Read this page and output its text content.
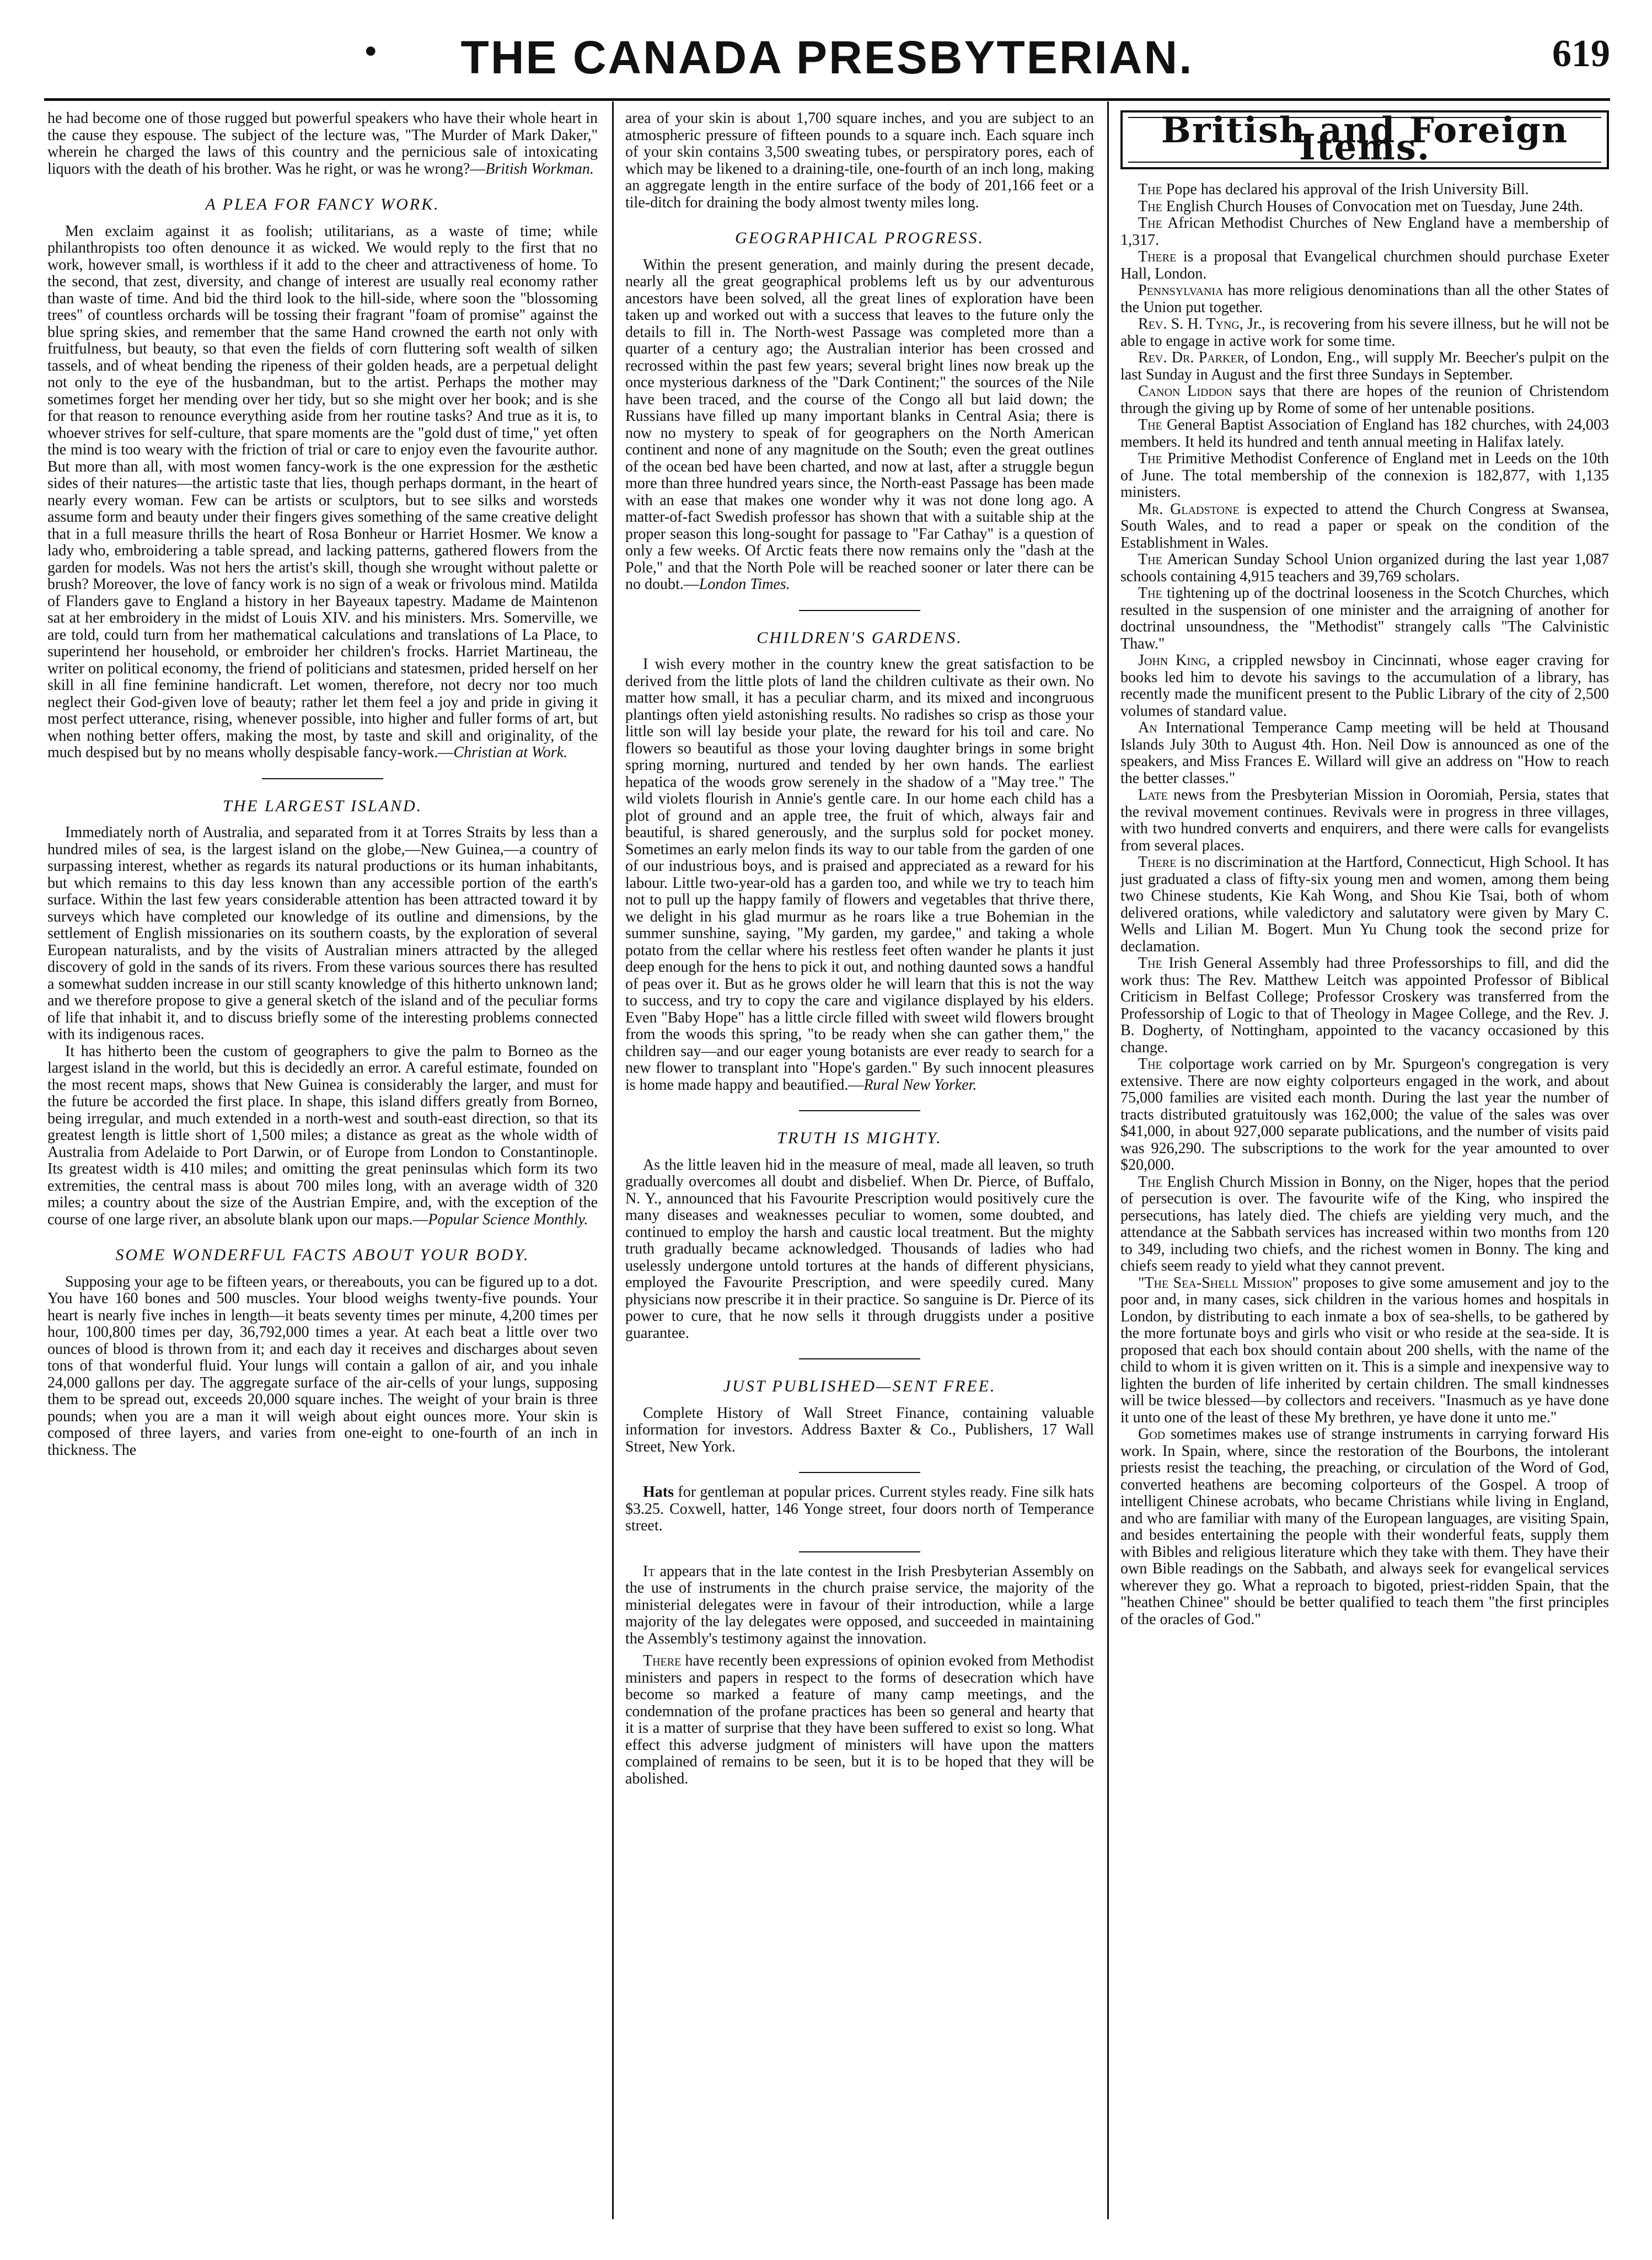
•	THE CANADA PRESBYTERIAN.	619

he had become one of those rugged but powerful speakers who have their whole heart in the cause they espouse. The subject of the lecture was, "The Murder of Mark Daker," wherein he charged the laws of this country and the pernicious sale of intoxicating liquors with the death of his brother. Was he right, or was he wrong?—British Workman.

A PLEA FOR FANCY WORK.

Men exclaim against it as foolish; utilitarians, as a waste of time; while philanthropists too often denounce it as wicked. We would reply to the first that no work, however small, is worthless if it add to the cheer and attractiveness of home. To the second, that zest, diversity, and change of interest are usually real economy rather than waste of time. And bid the third look to the hill-side, where soon the "blossoming trees" of countless orchards will be tossing their fragrant "foam of promise" against the blue spring skies, and remember that the same Hand crowned the earth not only with fruitfulness, but beauty, so that even the fields of corn fluttering soft wealth of silken tassels, and of wheat bending the ripeness of their golden heads, are a perpetual delight not only to the eye of the husbandman, but to the artist. Perhaps the mother may sometimes forget her mending over her tidy, but so she might over her book; and is she for that reason to renounce everything aside from her routine tasks? And true as it is, to whoever strives for self-culture, that spare moments are the "gold dust of time," yet often the mind is too weary with the friction of trial or care to enjoy even the favourite author. But more than all, with most women fancy-work is the one expression for the æsthetic sides of their natures—the artistic taste that lies, though perhaps dormant, in the heart of nearly every woman. Few can be artists or sculptors, but to see silks and worsteds assume form and beauty under their fingers gives something of the same creative delight that in a full measure thrills the heart of Rosa Bonheur or Harriet Hosmer. We know a lady who, embroidering a table spread, and lacking patterns, gathered flowers from the garden for models. Was not hers the artist's skill, though she wrought without palette or brush? Moreover, the love of fancy work is no sign of a weak or frivolous mind. Matilda of Flanders gave to England a history in her Bayeaux tapestry. Madame de Maintenon sat at her embroidery in the midst of Louis XIV. and his ministers. Mrs. Somerville, we are told, could turn from her mathematical calculations and translations of La Place, to superintend her household, or embroider her children's frocks. Harriet Martineau, the writer on political economy, the friend of politicians and statesmen, prided herself on her skill in all fine feminine handicraft. Let women, therefore, not decry nor too much neglect their God-given love of beauty; rather let them feel a joy and pride in giving it most perfect utterance, rising, whenever possible, into higher and fuller forms of art, but when nothing better offers, making the most, by taste and skill and originality, of the much despised but by no means wholly despisable fancy-work.—Christian at Work.

THE LARGEST ISLAND.

Immediately north of Australia, and separated from it at Torres Straits by less than a hundred miles of sea, is the largest island on the globe,—New Guinea,—a country of surpassing interest, whether as regards its natural productions or its human inhabitants, but which remains to this day less known than any accessible portion of the earth's surface. Within the last few years considerable attention has been attracted toward it by surveys which have completed our knowledge of its outline and dimensions, by the settlement of English missionaries on its southern coasts, by the exploration of several European naturalists, and by the visits of Australian miners attracted by the alleged discovery of gold in the sands of its rivers. From these various sources there has resulted a somewhat sudden increase in our still scanty knowledge of this hitherto unknown land; and we therefore propose to give a general sketch of the island and of the peculiar forms of life that inhabit it, and to discuss briefly some of the interesting problems connected with its indigenous races.

It has hitherto been the custom of geographers to give the palm to Borneo as the largest island in the world, but this is decidedly an error. A careful estimate, founded on the most recent maps, shows that New Guinea is considerably the larger, and must for the future be accorded the first place. In shape, this island differs greatly from Borneo, being irregular, and much extended in a north-west and south-east direction, so that its greatest length is little short of 1,500 miles; a distance as great as the whole width of Australia from Adelaide to Port Darwin, or of Europe from London to Constantinople. Its greatest width is 410 miles; and omitting the great peninsulas which form its two extremities, the central mass is about 700 miles long, with an average width of 320 miles; a country about the size of the Austrian Empire, and, with the exception of the course of one large river, an absolute blank upon our maps.—Popular Science Monthly.

SOME WONDERFUL FACTS ABOUT YOUR BODY.

Supposing your age to be fifteen years, or thereabouts, you can be figured up to a dot. You have 160 bones and 500 muscles. Your blood weighs twenty-five pounds. Your heart is nearly five inches in length—it beats seventy times per minute, 4,200 times per hour, 100,800 times per day, 36,792,000 times a year. At each beat a little over two ounces of blood is thrown from it; and each day it receives and discharges about seven tons of that wonderful fluid. Your lungs will contain a gallon of air, and you inhale 24,000 gallons per day. The aggregate surface of the air-cells of your lungs, supposing them to be spread out, exceeds 20,000 square inches. The weight of your brain is three pounds; when you are a man it will weigh about eight ounces more. Your skin is composed of three layers, and varies from one-eight to one-fourth of an inch in thickness. The

area of your skin is about 1,700 square inches, and you are subject to an atmospheric pressure of fifteen pounds to a square inch. Each square inch of your skin contains 3,500 sweating tubes, or perspiratory pores, each of which may be likened to a draining-tile, one-fourth of an inch long, making an aggregate length in the entire surface of the body of 201,166 feet or a tile-ditch for draining the body almost twenty miles long.

GEOGRAPHICAL PROGRESS.

Within the present generation, and mainly during the present decade, nearly all the great geographical problems left us by our adventurous ancestors have been solved, all the great lines of exploration have been taken up and worked out with a success that leaves to the future only the details to fill in. The North-west Passage was completed more than a quarter of a century ago; the Australian interior has been crossed and recrossed within the past few years; several bright lines now break up the once mysterious darkness of the "Dark Continent;" the sources of the Nile have been traced, and the course of the Congo all but laid down; the Russians have filled up many important blanks in Central Asia; there is now no mystery to speak of for geographers on the North American continent and none of any magnitude on the South; even the great outlines of the ocean bed have been charted, and now at last, after a struggle begun more than three hundred years since, the North-east Passage has been made with an ease that makes one wonder why it was not done long ago. A matter-of-fact Swedish professor has shown that with a suitable ship at the proper season this long-sought for passage to "Far Cathay" is a question of only a few weeks. Of Arctic feats there now remains only the "dash at the Pole," and that the North Pole will be reached sooner or later there can be no doubt.—London Times.

CHILDREN'S GARDENS.

I wish every mother in the country knew the great satisfaction to be derived from the little plots of land the children cultivate as their own. No matter how small, it has a peculiar charm, and its mixed and incongruous plantings often yield astonishing results. No radishes so crisp as those your little son will lay beside your plate, the reward for his toil and care. No flowers so beautiful as those your loving daughter brings in some bright spring morning, nurtured and tended by her own hands. The earliest hepatica of the woods grow serenely in the shadow of a "May tree." The wild violets flourish in Annie's gentle care. In our home each child has a plot of ground and an apple tree, the fruit of which, always fair and beautiful, is shared generously, and the surplus sold for pocket money. Sometimes an early melon finds its way to our table from the garden of one of our industrious boys, and is praised and appreciated as a reward for his labour. Little two-year-old has a garden too, and while we try to teach him not to pull up the happy family of flowers and vegetables that thrive there, we delight in his glad murmur as he roars like a true Bohemian in the summer sunshine, saying, "My garden, my gardee," and taking a whole potato from the cellar where his restless feet often wander he plants it just deep enough for the hens to pick it out, and nothing daunted sows a handful of peas over it. But as he grows older he will learn that this is not the way to success, and try to copy the care and vigilance displayed by his elders. Even "Baby Hope" has a little circle filled with sweet wild flowers brought from the woods this spring, "to be ready when she can gather them," the children say—and our eager young botanists are ever ready to search for a new flower to transplant into "Hope's garden." By such innocent pleasures is home made happy and beautified.—Rural New Yorker.

TRUTH IS MIGHTY.

As the little leaven hid in the measure of meal, made all leaven, so truth gradually overcomes all doubt and disbelief. When Dr. Pierce, of Buffalo, N. Y., announced that his Favourite Prescription would positively cure the many diseases and weaknesses peculiar to women, some doubted, and continued to employ the harsh and caustic local treatment. But the mighty truth gradually became acknowledged. Thousands of ladies who had uselessly undergone untold tortures at the hands of different physicians, employed the Favourite Prescription, and were speedily cured. Many physicians now prescribe it in their practice. So sanguine is Dr. Pierce of its power to cure, that he now sells it through druggists under a positive guarantee.

JUST PUBLISHED—SENT FREE.

Complete History of Wall Street Finance, containing valuable information for investors. Address Baxter & Co., Publishers, 17 Wall Street, New York.

Hats for gentleman at popular prices. Current styles ready. Fine silk hats $3.25. Coxwell, hatter, 146 Yonge street, four doors north of Temperance street.

It appears that in the late contest in the Irish Presbyterian Assembly on the use of instruments in the church praise service, the majority of the ministerial delegates were in favour of their introduction, while a large majority of the lay delegates were opposed, and succeeded in maintaining the Assembly's testimony against the innovation.

There have recently been expressions of opinion evoked from Methodist ministers and papers in respect to the forms of desecration which have become so marked a feature of many camp meetings, and the condemnation of the profane practices has been so general and hearty that it is a matter of surprise that they have been suffered to exist so long. What effect this adverse judgment of ministers will have upon the matters complained of remains to be seen, but it is to be hoped that they will be abolished.

British and Foreign Items.

The Pope has declared his approval of the Irish University Bill.

The English Church Houses of Convocation met on Tuesday, June 24th.

The African Methodist Churches of New England have a membership of 1,317.

There is a proposal that Evangelical churchmen should purchase Exeter Hall, London.

Pennsylvania has more religious denominations than all the other States of the Union put together.

Rev. S. H. Tyng, Jr., is recovering from his severe illness, but he will not be able to engage in active work for some time.

Rev. Dr. Parker, of London, Eng., will supply Mr. Beecher's pulpit on the last Sunday in August and the first three Sundays in September.

Canon Liddon says that there are hopes of the reunion of Christendom through the giving up by Rome of some of her untenable positions.

The General Baptist Association of England has 182 churches, with 24,003 members. It held its hundred and tenth annual meeting in Halifax lately.

The Primitive Methodist Conference of England met in Leeds on the 10th of June. The total membership of the connexion is 182,877, with 1,135 ministers.

Mr. Gladstone is expected to attend the Church Congress at Swansea, South Wales, and to read a paper or speak on the condition of the Establishment in Wales.

The American Sunday School Union organized during the last year 1,087 schools containing 4,915 teachers and 39,769 scholars.

The tightening up of the doctrinal looseness in the Scotch Churches, which resulted in the suspension of one minister and the arraigning of another for doctrinal unsoundness, the "Methodist" strangely calls "The Calvinistic Thaw."

John King, a crippled newsboy in Cincinnati, whose eager craving for books led him to devote his savings to the accumulation of a library, has recently made the munificent present to the Public Library of the city of 2,500 volumes of standard value.

An International Temperance Camp meeting will be held at Thousand Islands July 30th to August 4th. Hon. Neil Dow is announced as one of the speakers, and Miss Frances E. Willard will give an address on "How to reach the better classes."

Late news from the Presbyterian Mission in Ooromiah, Persia, states that the revival movement continues. Revivals were in progress in three villages, with two hundred converts and enquirers, and there were calls for evangelists from several places.

There is no discrimination at the Hartford, Connecticut, High School. It has just graduated a class of fifty-six young men and women, among them being two Chinese students, Kie Kah Wong, and Shou Kie Tsai, both of whom delivered orations, while valedictory and salutatory were given by Mary C. Wells and Lilian M. Bogert. Mun Yu Chung took the second prize for declamation.

The Irish General Assembly had three Professorships to fill, and did the work thus: The Rev. Matthew Leitch was appointed Professor of Biblical Criticism in Belfast College; Professor Croskery was transferred from the Professorship of Logic to that of Theology in Magee College, and the Rev. J. B. Dogherty, of Nottingham, appointed to the vacancy occasioned by this change.

The colportage work carried on by Mr. Spurgeon's congregation is very extensive. There are now eighty colporteurs engaged in the work, and about 75,000 families are visited each month. During the last year the number of tracts distributed gratuitously was 162,000; the value of the sales was over $41,000, in about 927,000 separate publications, and the number of visits paid was 926,290. The subscriptions to the work for the year amounted to over $20,000.

The English Church Mission in Bonny, on the Niger, hopes that the period of persecution is over. The favourite wife of the King, who inspired the persecutions, has lately died. The chiefs are yielding very much, and the attendance at the Sabbath services has increased within two months from 120 to 349, including two chiefs, and the richest women in Bonny. The king and chiefs seem ready to yield what they cannot prevent.

"The Sea-Shell Mission" proposes to give some amusement and joy to the poor and, in many cases, sick children in the various homes and hospitals in London, by distributing to each inmate a box of sea-shells, to be gathered by the more fortunate boys and girls who visit or who reside at the sea-side. It is proposed that each box should contain about 200 shells, with the name of the child to whom it is given written on it. This is a simple and inexpensive way to lighten the burden of life inherited by certain children. The small kindnesses will be twice blessed—by collectors and receivers. "Inasmuch as ye have done it unto one of the least of these My brethren, ye have done it unto me."

God sometimes makes use of strange instruments in carrying forward His work. In Spain, where, since the restoration of the Bourbons, the intolerant priests resist the teaching, the preaching, or circulation of the Word of God, converted heathens are becoming colporteurs of the Gospel. A troop of intelligent Chinese acrobats, who became Christians while living in England, and who are familiar with many of the European languages, are visiting Spain, and besides entertaining the people with their wonderful feats, supply them with Bibles and religious literature which they take with them. They have their own Bible readings on the Sabbath, and always seek for evangelical services wherever they go. What a reproach to bigoted, priest-ridden Spain, that the "heathen Chinee" should be better qualified to teach them "the first principles of the oracles of God."
